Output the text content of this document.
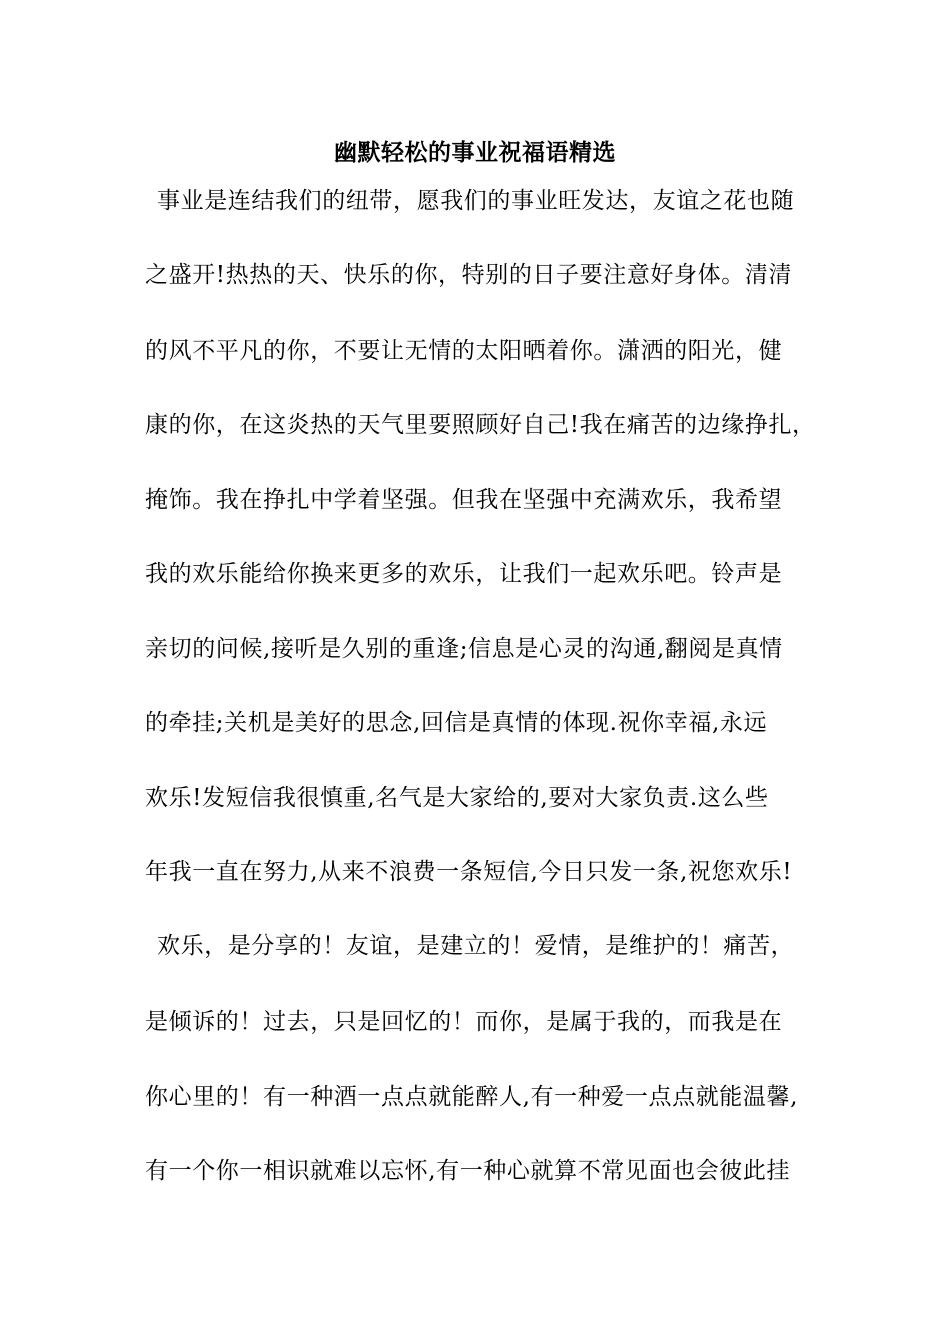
幽默轻松的事业祝福语精选
事业是连结我们的纽带，愿我们的事业旺发达，友谊之花也随
之盛开!热热的天、快乐的你，特别的日子要注意好身体。清清
的风不平凡的你，不要让无情的太阳晒着你。潇洒的阳光，健
康的你，在这炎热的天气里要照顾好自己!我在痛苦的边缘挣扎，
掩饰。我在挣扎中学着坚强。但我在坚强中充满欢乐，我希望
我的欢乐能给你换来更多的欢乐，让我们一起欢乐吧。铃声是
亲切的问候,接听是久别的重逢;信息是心灵的沟通,翻阅是真情
的牵挂;关机是美好的思念,回信是真情的体现.祝你幸福,永远
欢乐!发短信我很慎重,名气是大家给的,要对大家负责.这么些
年我一直在努力,从来不浪费一条短信,今日只发一条,祝您欢乐!
欢乐，是分享的！友谊，是建立的！爱情，是维护的！痛苦，
是倾诉的！过去，只是回忆的！而你，是属于我的，而我是在
你心里的！有一种酒一点点就能醉人,有一种爱一点点就能温馨,
有一个你一相识就难以忘怀,有一种心就算不常见面也会彼此挂
